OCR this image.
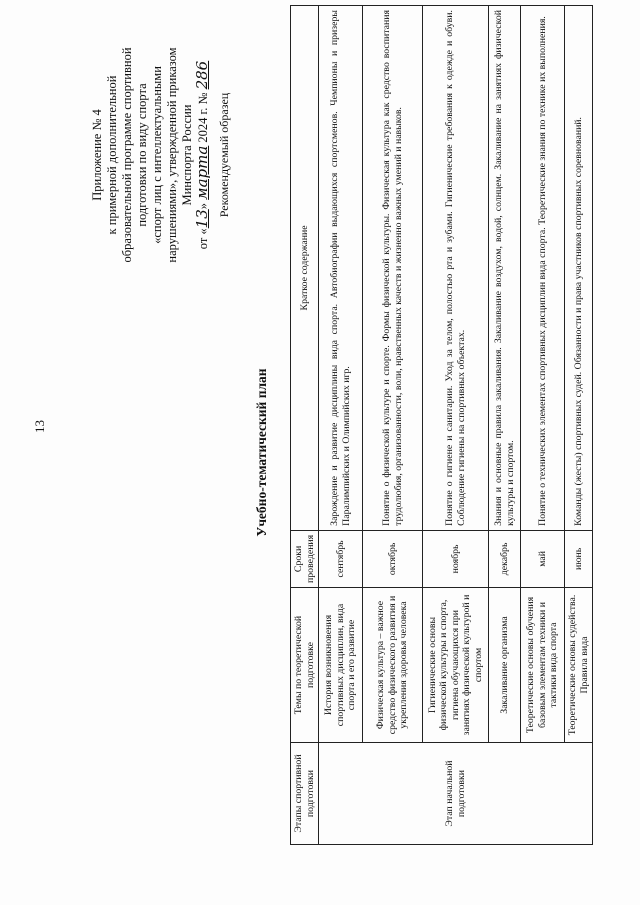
13
Приложение № 4 к примерной дополнительной образовательной программе спортивной подготовки по виду спорта «спорт лиц с интеллектуальными нарушениями», утвержденной приказом Минспорта России
от «13» марта 2024 г. № 286
Рекомендуемый образец
Учебно-тематический план
Этапы спортивной подготовки	Темы по теоретической подготовке	Сроки проведения	Краткое содержание
Этап начальной подготовки	История возникновения спортивных дисциплин, вида спорта и его развитие	сентябрь	Зарождение и развитие дисциплины вида спорта. Автобиографии выдающихся спортсменов. Чемпионы и призеры Паралимпийских и Олимпийских игр.
	Физическая культура – важное средство физического развития и укрепления здоровья человека	октябрь	Понятие о физической культуре и спорте. Формы физической культуры. Физическая культура как средство воспитания трудолюбия, организованности, воли, нравственных качеств и жизненно важных умений и навыков.
	Гигиенические основы физической культуры и спорта, гигиена обучающихся при занятиях физической культурой и спортом	ноябрь	Понятие о гигиене и санитарии. Уход за телом, полостью рта и зубами. Гигиенические требования к одежде и обуви. Соблюдение гигиены на спортивных объектах.
	Закаливание организма	декабрь	Знания и основные правила закаливания. Закаливание воздухом, водой, солнцем. Закаливание на занятиях физической культуры и спортом.
	Теоретические основы обучения базовым элементам техники и тактики вида спорта	май	Понятие о технических элементах спортивных дисциплин вида спорта. Теоретические знания по технике их выполнения.
	Теоретические основы судейства. Правила вида	июнь	Команды (жесты) спортивных судей. Обязанности и права участников спортивных соревнований.
